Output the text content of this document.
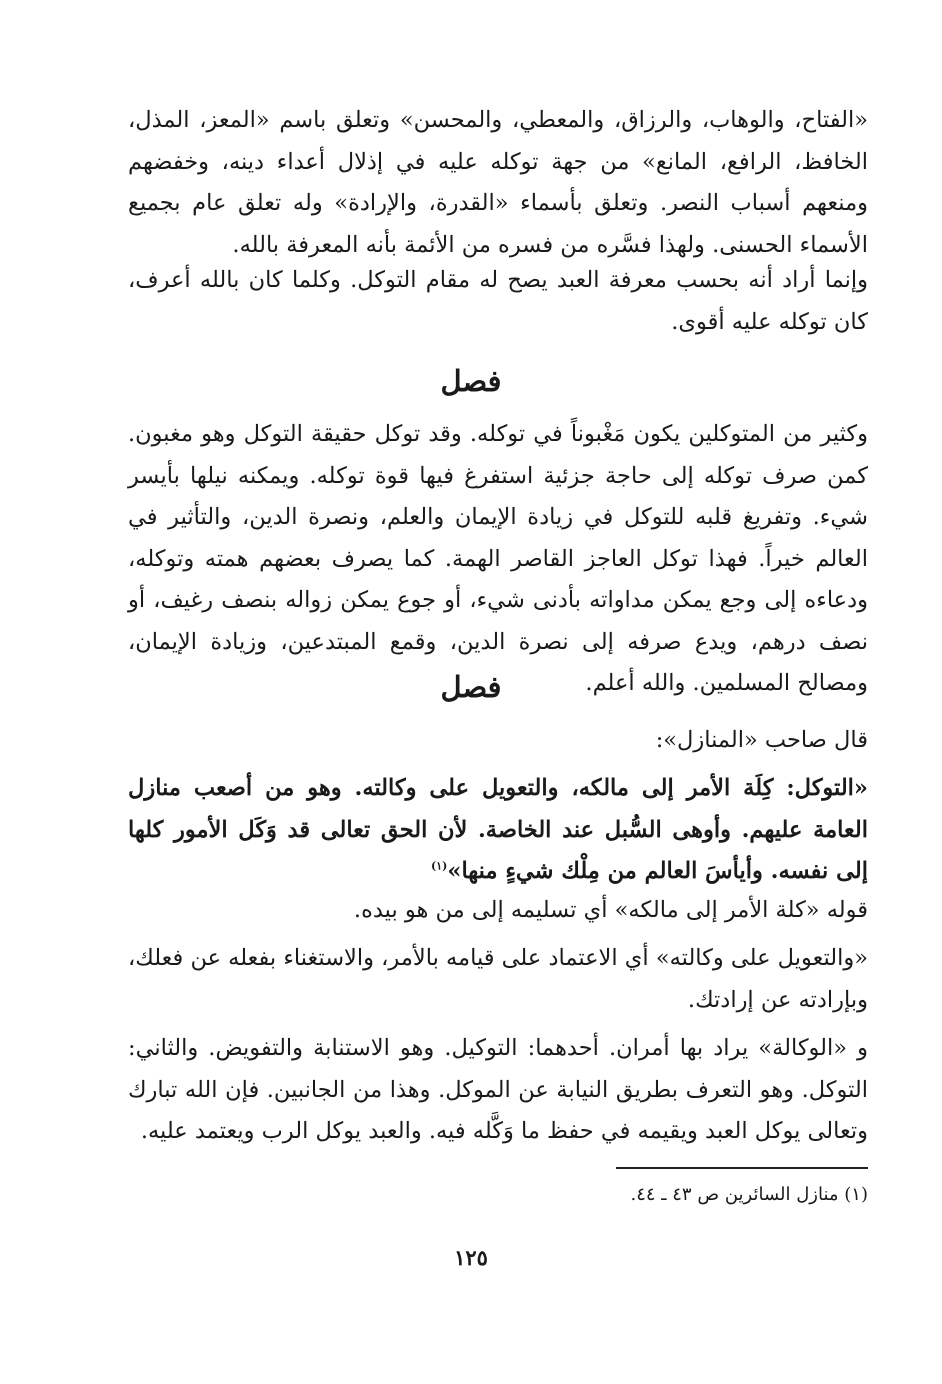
«الفتاح، والوهاب، والرزاق، والمعطي، والمحسن» وتعلق باسم «المعز، المذل، الخافظ، الرافع، المانع» من جهة توكله عليه في إذلال أعداء دينه، وخفضهم ومنعهم أسباب النصر. وتعلق بأسماء «القدرة، والإرادة» وله تعلق عام بجميع الأسماء الحسنى. ولهذا فسَّره من فسره من الأئمة بأنه المعرفة بالله.
وإنما أراد أنه بحسب معرفة العبد يصح له مقام التوكل. وكلما كان بالله أعرف، كان توكله عليه أقوى.
فصل
وكثير من المتوكلين يكون مَغْبوناً في توكله. وقد توكل حقيقة التوكل وهو مغبون. كمن صرف توكله إلى حاجة جزئية استفرغ فيها قوة توكله. ويمكنه نيلها بأيسر شيء. وتفريغ قلبه للتوكل في زيادة الإيمان والعلم، ونصرة الدين، والتأثير في العالم خيراً. فهذا توكل العاجز القاصر الهمة. كما يصرف بعضهم همته وتوكله، ودعاءه إلى وجع يمكن مداواته بأدنى شيء، أو جوع يمكن زواله بنصف رغيف، أو نصف درهم، ويدع صرفه إلى نصرة الدين، وقمع المبتدعين، وزيادة الإيمان، ومصالح المسلمين. والله أعلم.
فصل
قال صاحب «المنازل»:
«التوكل: كِلَة الأمر إلى مالكه، والتعويل على وكالته. وهو من أصعب منازل العامة عليهم. وأوهى السُّبل عند الخاصة. لأن الحق تعالى قد وَكَل الأمور كلها إلى نفسه. وأيأسَ العالم من مِلْك شيءٍ منها»$^{(١)}$
قوله «كلة الأمر إلى مالكه» أي تسليمه إلى من هو بيده.
«والتعويل على وكالته» أي الاعتماد على قيامه بالأمر، والاستغناء بفعله عن فعلك، وبإرادته عن إرادتك.
و «الوكالة» يراد بها أمران. أحدهما: التوكيل. وهو الاستنابة والتفويض. والثاني: التوكل. وهو التعرف بطريق النيابة عن الموكل. وهذا من الجانبين. فإن الله تبارك وتعالى يوكل العبد ويقيمه في حفظ ما وَكَّله فيه. والعبد يوكل الرب ويعتمد عليه.
(١) منازل السائرين ص ٤٣ ـ ٤٤.
١٢٥
